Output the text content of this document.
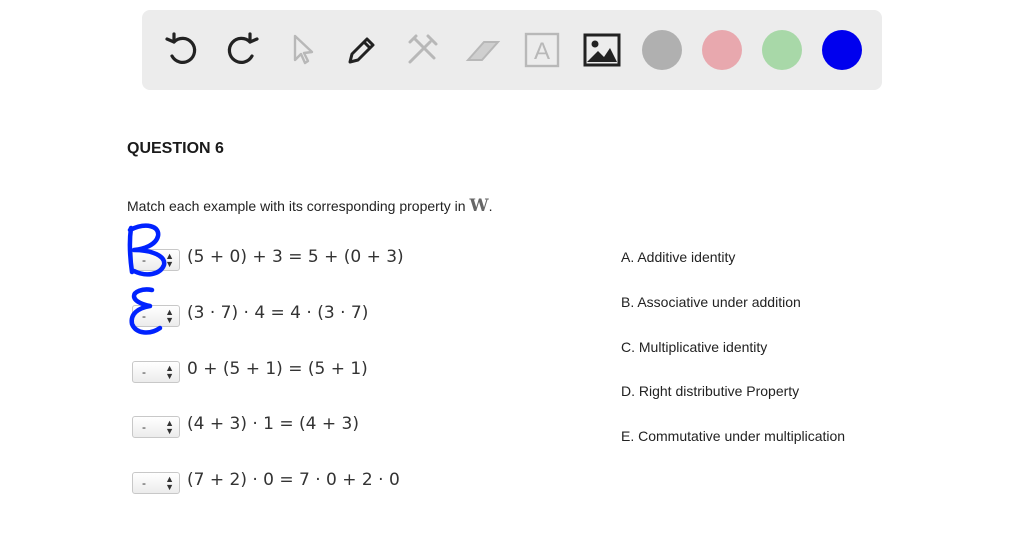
A
QUESTION 6
Match each example with its corresponding property in W.
- ▲
▼ (5 + 0) + 3 = 5 + (0 + 3)
- ▲
▼ (3 · 7) · 4 = 4 · (3 · 7)
- ▲
▼ 0 + (5 + 1) = (5 + 1)
- ▲
▼ (4 + 3) · 1 = (4 + 3)
- ▲
▼ (7 + 2) · 0 = 7 · 0 + 2 · 0
A. Additive identity
B. Associative under addition
C. Multiplicative identity
D. Right distributive Property
E. Commutative under multiplication
